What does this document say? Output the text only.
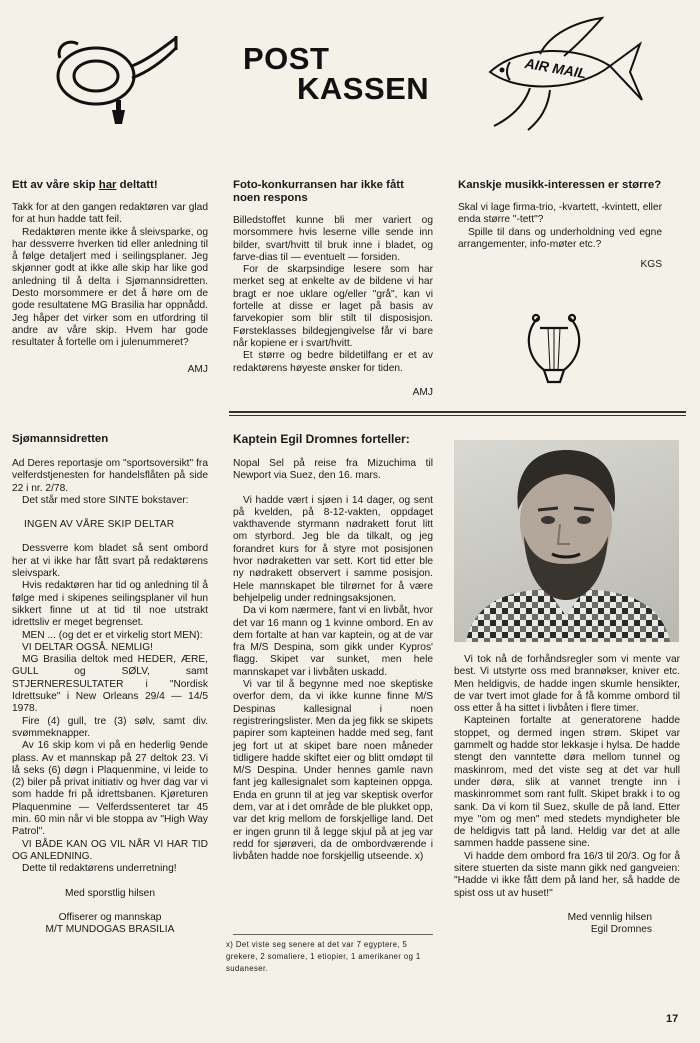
POST
KASSEN
AIR MAIL
Ett av våre skip har deltatt!

Takk for at den gangen redaktøren var glad for at hun hadde tatt feil.

Redaktøren mente ikke å sleivsparke, og har dessverre hverken tid eller anledning til å følge detaljert med i seilingsplaner. Jeg skjønner godt at ikke alle skip har like god anledning til å delta i Sjømannsidretten. Desto morsommere er det å høre om de gode resultatene MG Brasilia har oppnådd. Jeg håper det virker som en utfordring til andre av våre skip. Hvem har gode resultater å fortelle om i julenummeret?

AMJ

Foto-konkurransen har ikke fått noen respons

Billedstoffet kunne bli mer variert og morsommere hvis leserne ville sende inn bilder, svart/hvitt til bruk inne i bladet, og farve-dias til — eventuelt — forsiden.

For de skarpsindige lesere som har merket seg at enkelte av de bildene vi har bragt er noe uklare og/eller "grå", kan vi fortelle at disse er laget på basis av farvekopier som blir stilt til disposisjon. Førsteklasses bildegjengivelse får vi bare når kopiene er i svart/hvitt.

Et større og bedre bildetilfang er et av redaktørens høyeste ønsker for tiden.

AMJ

Kanskje musikk-interessen er større?

Skal vi lage firma-trio, -kvartett, -kvintett, eller enda større "-tett"?

Spille til dans og underholdning ved egne arrangementer, info-møter etc.?

KGS

Sjømannsidretten

Ad Deres reportasje om "sportsoversikt" fra velferdstjenesten for handelsflåten på side 22 i nr. 2/78.

Det står med store SINTE bokstaver:

INGEN AV VÅRE SKIP DELTAR

Dessverre kom bladet så sent ombord her at vi ikke har fått svart på redaktørens sleivspark.

Hvis redaktøren har tid og anledning til å følge med i skipenes seilingsplaner vil hun sikkert finne ut at tid til noe utstrakt idrettsliv er meget begrenset.

MEN ... (og det er et virkelig stort MEN):

VI DELTAR OGSÅ. NEMLIG!

MG Brasilia deltok med HEDER, ÆRE, GULL og SØLV, samt STJERNERESULTATER i "Nordisk Idrettsuke" i New Orleans 29/4 — 14/5 1978.

Fire (4) gull, tre (3) sølv, samt div. svømmeknapper.

Av 16 skip kom vi på en hederlig 9ende plass. Av et mannskap på 27 deltok 23. Vi lå seks (6) døgn i Plaquenmine, vi leide to (2) biler på privat initiativ og hver dag var vi som hadde fri på idrettsbanen. Kjøreturen Plaquenmine — Velferdssenteret tar 45 min. 60 min når vi ble stoppa av "High Way Patrol".

VI BÅDE KAN OG VIL NÅR VI HAR TID OG ANLEDNING.

Dette til redaktørens underretning!

Med sporstlig hilsen

Offiserer og mannskap

M/T MUNDOGAS BRASILIA

Kaptein Egil Dromnes forteller:

Nopal Sel på reise fra Mizuchima til Newport via Suez, den 16. mars.

Vi hadde vært i sjøen i 14 dager, og sent på kvelden, på 8-12-vakten, oppdaget vakthavende styrmann nødrakett forut litt om styrbord. Jeg ble da tilkalt, og jeg forandret kurs for å styre mot posisjonen hvor nødraketten var sett. Kort tid etter ble ny nødrakett observert i samme posisjon. Hele mannskapet ble tilrørnet for å være behjelpelig under redningsaksjonen.

Da vi kom nærmere, fant vi en livbåt, hvor det var 16 mann og 1 kvinne ombord. En av dem fortalte at han var kaptein, og at de var fra M/S Despina, som gikk under Kypros' flagg. Skipet var sunket, men hele mannskapet var i livbåten uskadd.

Vi var til å begynne med noe skeptiske overfor dem, da vi ikke kunne finne M/S Despinas kallesignal i noen registreringslister. Men da jeg fikk se skipets papirer som kapteinen hadde med seg, fant jeg fort ut at skipet bare noen måneder tidligere hadde skiftet eier og blitt omdøpt til M/S Despina. Under hennes gamle navn fant jeg kallesignalet som kapteinen oppga. Enda en grunn til at jeg var skeptisk overfor dem, var at i det område de ble plukket opp, var det krig mellom de forskjellige land. Det er ingen grunn til å legge skjul på at jeg var redd for sjørøveri, da de ombordværende i livbåten hadde noe forskjellig utseende. x)

x) Det viste seg senere at det var 7 egyptere, 5 grekere, 2 somaliere, 1 etiopier, 1 amerikaner og 1 sudaneser.

Vi tok nå de forhåndsregler som vi mente var best. Vi utstyrte oss med brannøkser, kniver etc. Men heldigvis, de hadde ingen skumle hensikter, de var tvert imot glade for å få komme ombord til oss etter å ha sittet i livbåten i flere timer.

Kapteinen fortalte at generatorene hadde stoppet, og dermed ingen strøm. Skipet var gammelt og hadde stor lekkasje i hylsa. De hadde stengt den vanntette døra mellom tunnel og maskinrom, med det viste seg at det var hull under døra, slik at vannet trengte inn i maskinrommet som rant fullt. Skipet brakk i to og sank. Da vi kom til Suez, skulle de på land. Etter mye "om og men" med stedets myndigheter ble de heldigvis tatt på land. Heldig var det at alle sammen hadde passene sine.

Vi hadde dem ombord fra 16/3 til 20/3. Og for å sitere stuerten da siste mann gikk ned gangveien: "Hadde vi ikke fått dem på land her, så hadde de spist oss ut av huset!"

Med vennlig hilsen

Egil Dromnes

17
